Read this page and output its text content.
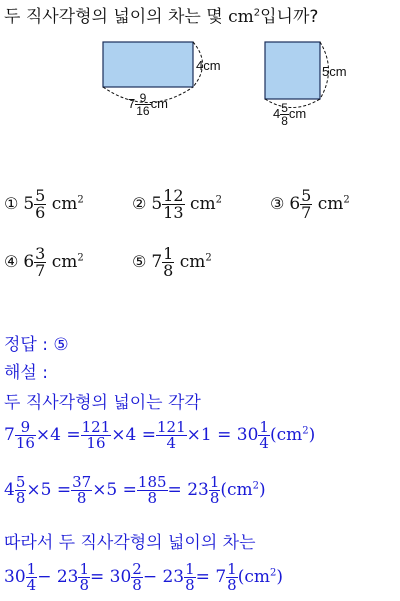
두 직사각형의 넓이의 차는 몇 $cm^2$입니까?
4cm
$7 \frac{9}{16}$ cm
5cm
$4 \frac{5}{8}$ cm
① $5 \frac{5}{6} cm^2$	② $5 \frac{12}{13} cm^2$	③ $6 \frac{5}{7} cm^2$
④ $6 \frac{3}{7} cm^2$	⑤ $7 \frac{1}{8} cm^2$
정답 : ⑤
해설 :
두 직사각형의 넓이는 각각
$7 \frac{9}{16} \times 4 = \frac{121}{16} \times 4 = \frac{121}{4} \times 1 = 30 \frac{1}{4} (cm^2)$
$4 \frac{5}{8} \times 5 = \frac{37}{8} \times 5 = \frac{185}{8} = 23 \frac{1}{8} (cm^2)$
따라서 두 직사각형의 넓이의 차는
$30 \frac{1}{4} - 23 \frac{1}{8} = 30 \frac{2}{8} - 23 \frac{1}{8} = 7 \frac{1}{8} (cm^2)$
